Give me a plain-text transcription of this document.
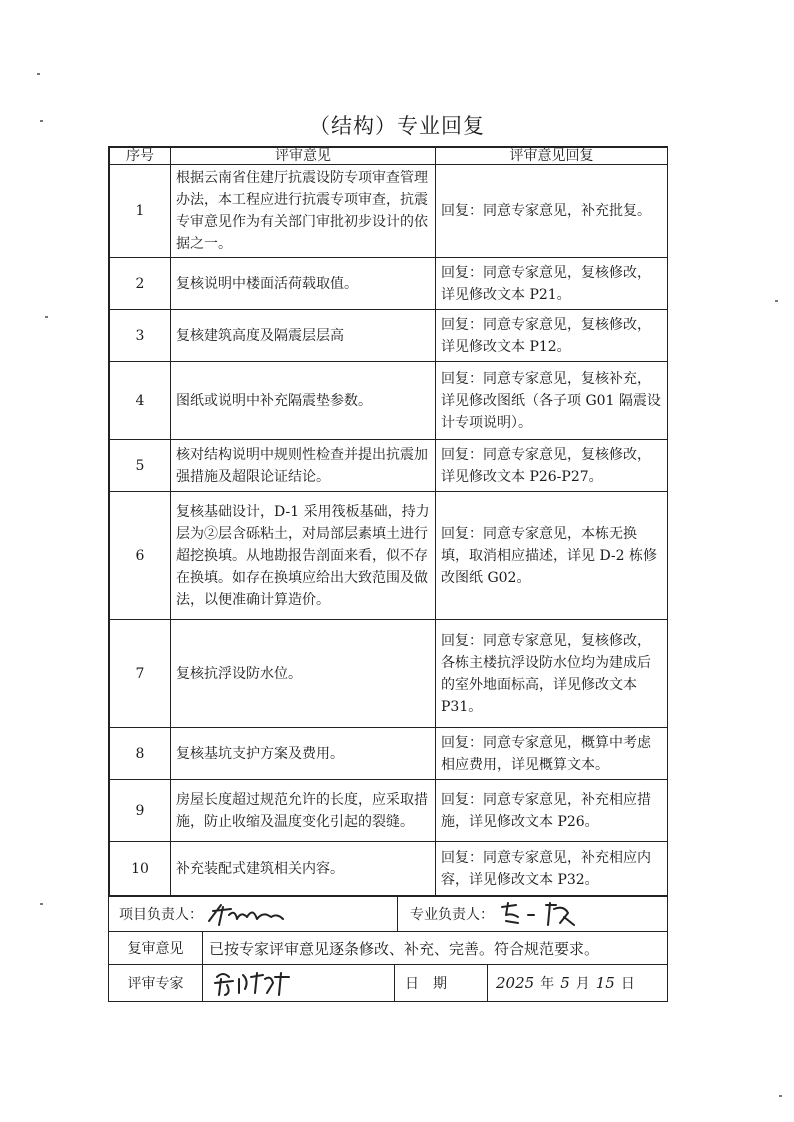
（结构）专业回复
序号	评审意见	评审意见回复
1	根据云南省住建厅抗震设防专项审查管理办法，本工程应进行抗震专项审查，抗震专审意见作为有关部门审批初步设计的依据之一。	回复：同意专家意见，补充批复。
2	复核说明中楼面活荷载取值。	回复：同意专家意见，复核修改，详见修改文本 P21。
3	复核建筑高度及隔震层层高	回复：同意专家意见，复核修改，详见修改文本 P12。
4	图纸或说明中补充隔震垫参数。	回复：同意专家意见，复核补充，详见修改图纸（各子项 G01 隔震设计专项说明）。
5	核对结构说明中规则性检查并提出抗震加强措施及超限论证结论。	回复：同意专家意见，复核修改，详见修改文本 P26-P27。
6	复核基础设计，D-1 采用筏板基础，持力层为②层含砾粘土，对局部层素填土进行超挖换填。从地勘报告剖面来看，似不存在换填。如存在换填应给出大致范围及做法，以便准确计算造价。	回复：同意专家意见，本栋无换填，取消相应描述，详见 D-2 栋修改图纸 G02。
7	复核抗浮设防水位。	回复：同意专家意见，复核修改，各栋主楼抗浮设防水位均为建成后的室外地面标高，详见修改文本 P31。
8	复核基坑支护方案及费用。	回复：同意专家意见，概算中考虑相应费用，详见概算文本。
9	房屋长度超过规范允许的长度，应采取措施，防止收缩及温度变化引起的裂缝。	回复：同意专家意见，补充相应措施，详见修改文本 P26。
10	补充装配式建筑相关内容。	回复：同意专家意见，补充相应内容，详见修改文本 P32。
项目负责人：	专业负责人：
复审意见	已按专家评审意见逐条修改、补充、完善。符合规范要求。
评审专家	日　期	2025 年 5 月 15 日
